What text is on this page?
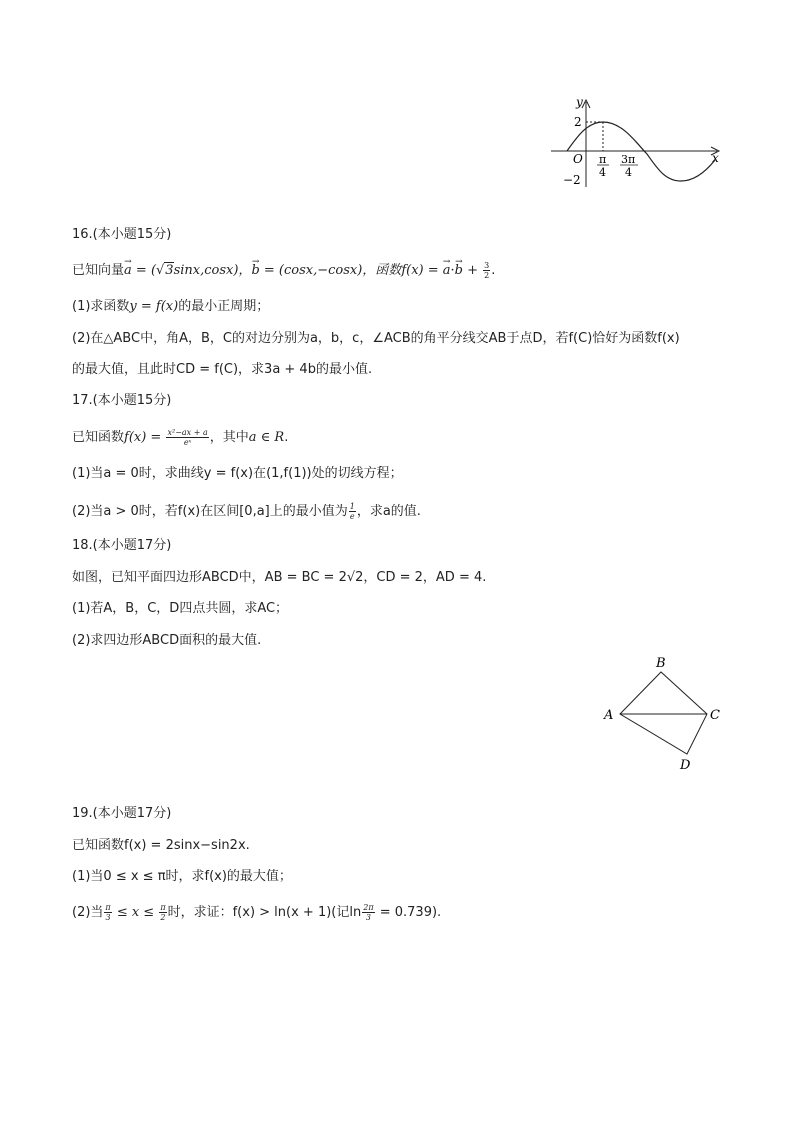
y
x
O
2
−2
π
4
3π
4
16.(本小题15分)
已知向量→ a = (√3sinx,cosx)，→ b = (cosx,−cosx)，函数f(x) = → $a\cdot\to b + \frac{3}{2}$ .
(1)求函数y = f(x)的最小正周期；
(2)在△ABC中，角A，B，C的对边分别为a，b，c，∠ACB的角平分线交AB于点D，若f(C)恰好为函数f(x)
的最大值，且此时CD = f(C)，求3a + 4b的最小值.
17.(本小题15分)
已知函数$f(x) = \frac{\text{x²−ax + a}}{\text{eˣ}}$ ，其中a ∈ R.
(1)当a = 0时，求曲线y = f(x)在(1,f(1))处的切线方程；
(2)当a > 0时，若f(x)在区间[0,a]上的最小值为 $\frac{1}{e}$ ，求a的值.
18.(本小题17分)
如图，已知平面四边形ABCD中，AB = BC = 2√2，CD = 2，AD = 4.
(1)若A，B，C，D四点共圆，求AC；
(2)求四边形ABCD面积的最大值.
A
B
C
D
19.(本小题17分)
已知函数f(x) = 2sinx−sin2x.
(1)当0 ≤ x ≤ π时，求f(x)的最大值；
(2)当 $\frac{\pi}{3} \le x \le \frac{\pi}{2}$ 时，求证：f(x) > ln(x + 1)(记$\ln \frac{2\pi}{3} = 0.739$).
